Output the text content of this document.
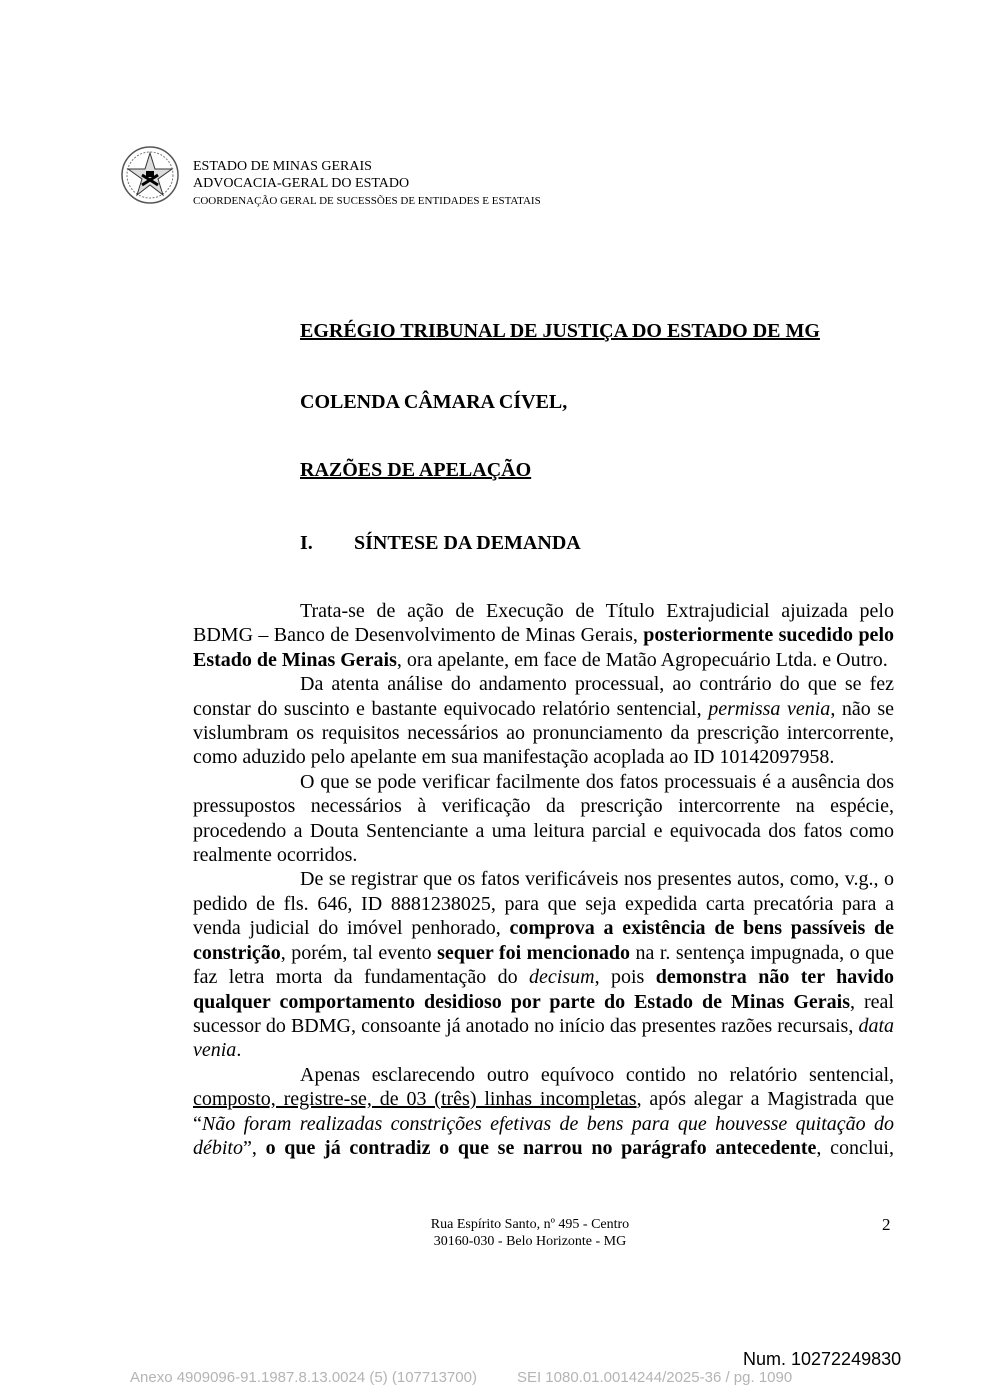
ESTADO DE MINAS GERAIS
ADVOCACIA-GERAL DO ESTADO
COORDENAÇÃO GERAL DE SUCESSÕES DE ENTIDADES E ESTATAIS
EGRÉGIO TRIBUNAL DE JUSTIÇA DO ESTADO DE MG
COLENDA CÂMARA CÍVEL,
RAZÕES DE APELAÇÃO
I. SÍNTESE DA DEMANDA

Trata-se de ação de Execução de Título Extrajudicial ajuizada pelo BDMG – Banco de Desenvolvimento de Minas Gerais, posteriormente sucedido pelo Estado de Minas Gerais, ora apelante, em face de Matão Agropecuário Ltda. e Outro.

Da atenta análise do andamento processual, ao contrário do que se fez constar do suscinto e bastante equivocado relatório sentencial, permissa venia, não se vislumbram os requisitos necessários ao pronunciamento da prescrição intercorrente, como aduzido pelo apelante em sua manifestação acoplada ao ID 10142097958.

O que se pode verificar facilmente dos fatos processuais é a ausência dos pressupostos necessários à verificação da prescrição intercorrente na espécie, procedendo a Douta Sentenciante a uma leitura parcial e equivocada dos fatos como realmente ocorridos.

De se registrar que os fatos verificáveis nos presentes autos, como, v.g., o pedido de fls. 646, ID 8881238025, para que seja expedida carta precatória para a venda judicial do imóvel penhorado, comprova a existência de bens passíveis de constrição, porém, tal evento sequer foi mencionado na r. sentença impugnada, o que faz letra morta da fundamentação do decisum, pois demonstra não ter havido qualquer comportamento desidioso por parte do Estado de Minas Gerais, real sucessor do BDMG, consoante já anotado no início das presentes razões recursais, data venia.

Apenas esclarecendo outro equívoco contido no relatório sentencial, composto, registre-se, de 03 (três) linhas incompletas, após alegar a Magistrada que “Não foram realizadas constrições efetivas de bens para que houvesse quitação do débito”, o que já contradiz o que se narrou no parágrafo antecedente, conclui,

Rua Espírito Santo, nº 495 - Centro
30160-030 - Belo Horizonte - MG
2
Num. 10272249830
Anexo 4909096-91.1987.8.13.0024 (5) (107713700)	SEI 1080.01.0014244/2025-36 / pg. 1090
